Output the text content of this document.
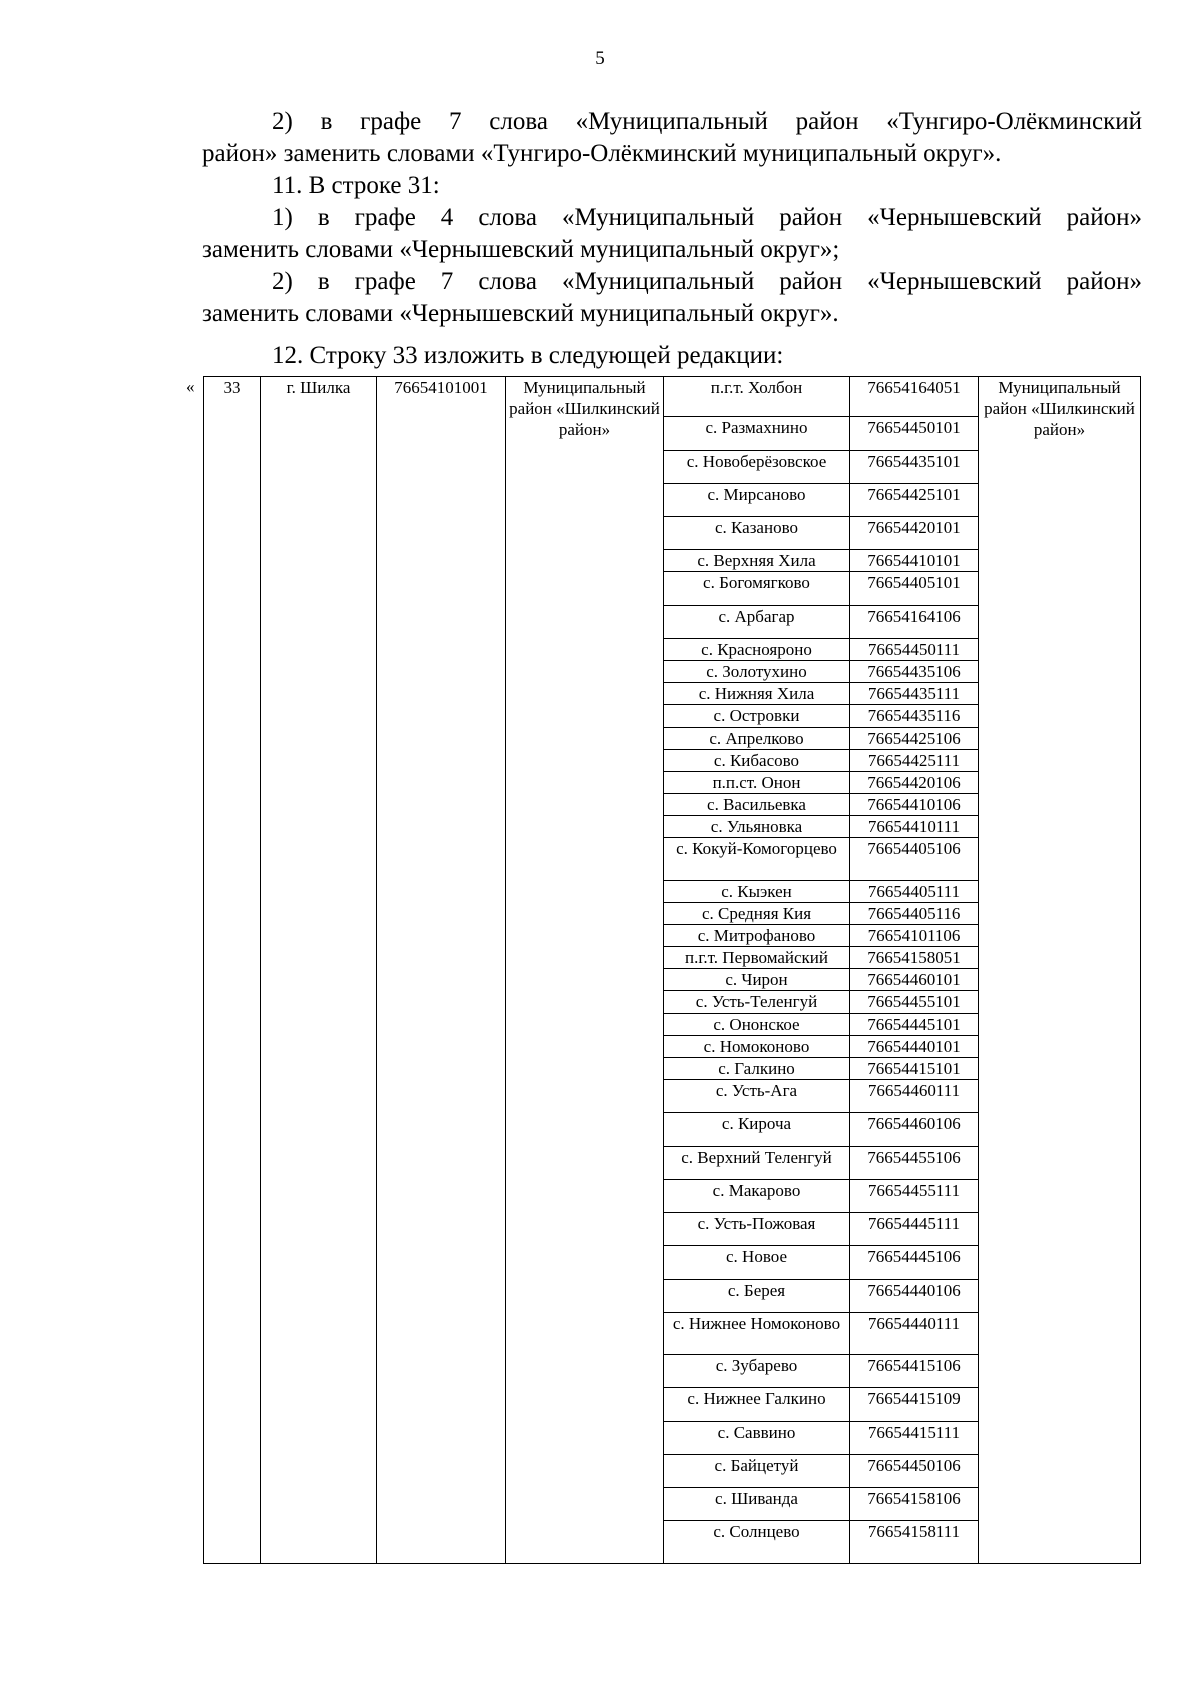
5

2) в графе 7 слова «Муниципальный район «Тунгиро-Олёкминский

район» заменить словами «Тунгиро-Олёкминский муниципальный округ».

11. В строке 31:

1) в графе 4 слова «Муниципальный район «Чернышевский район»

заменить словами «Чернышевский муниципальный округ»;

2) в графе 7 слова «Муниципальный район «Чернышевский район»

заменить словами «Чернышевский муниципальный округ».

12. Строку 33 изложить в следующей редакции:

« 33	г. Шилка	76654101001	Муниципальный район «Шилкинский район»	п.г.т. Холбон	76654164051	Муниципальный район «Шилкинский район»
				с. Размахнино	76654450101	
				с. Новоберёзовское	76654435101	
				с. Мирсаново	76654425101	
				с. Казаново	76654420101	
				с. Верхняя Хила	76654410101	
				с. Богомягково	76654405101	
				с. Арбагар	76654164106	
				с. Краснояроно	76654450111	
				с. Золотухино	76654435106	
				с. Нижняя Хила	76654435111	
				с. Островки	76654435116	
				с. Апрелково	76654425106	
				с. Кибасово	76654425111	
				п.п.ст. Онон	76654420106	
				с. Васильевка	76654410106	
				с. Ульяновка	76654410111	
				с. Кокуй-Комогорцево	76654405106	
				с. Кыэкен	76654405111	
				с. Средняя Кия	76654405116	
				с. Митрофаново	76654101106	
				п.г.т. Первомайский	76654158051	
				с. Чирон	76654460101	
				с. Усть-Теленгуй	76654455101	
				с. Ононское	76654445101	
				с. Номоконово	76654440101	
				с. Галкино	76654415101	
				с. Усть-Ага	76654460111	
				с. Кироча	76654460106	
				с. Верхний Теленгуй	76654455106	
				с. Макарово	76654455111	
				с. Усть-Пожовая	76654445111	
				с. Новое	76654445106	
				с. Берея	76654440106	
				с. Нижнее Номоконово	76654440111	
				с. Зубарево	76654415106	
				с. Нижнее Галкино	76654415109	
				с. Саввино	76654415111	
				с. Байцетуй	76654450106	
				с. Шиванда	76654158106	
				с. Солнцево	76654158111	
